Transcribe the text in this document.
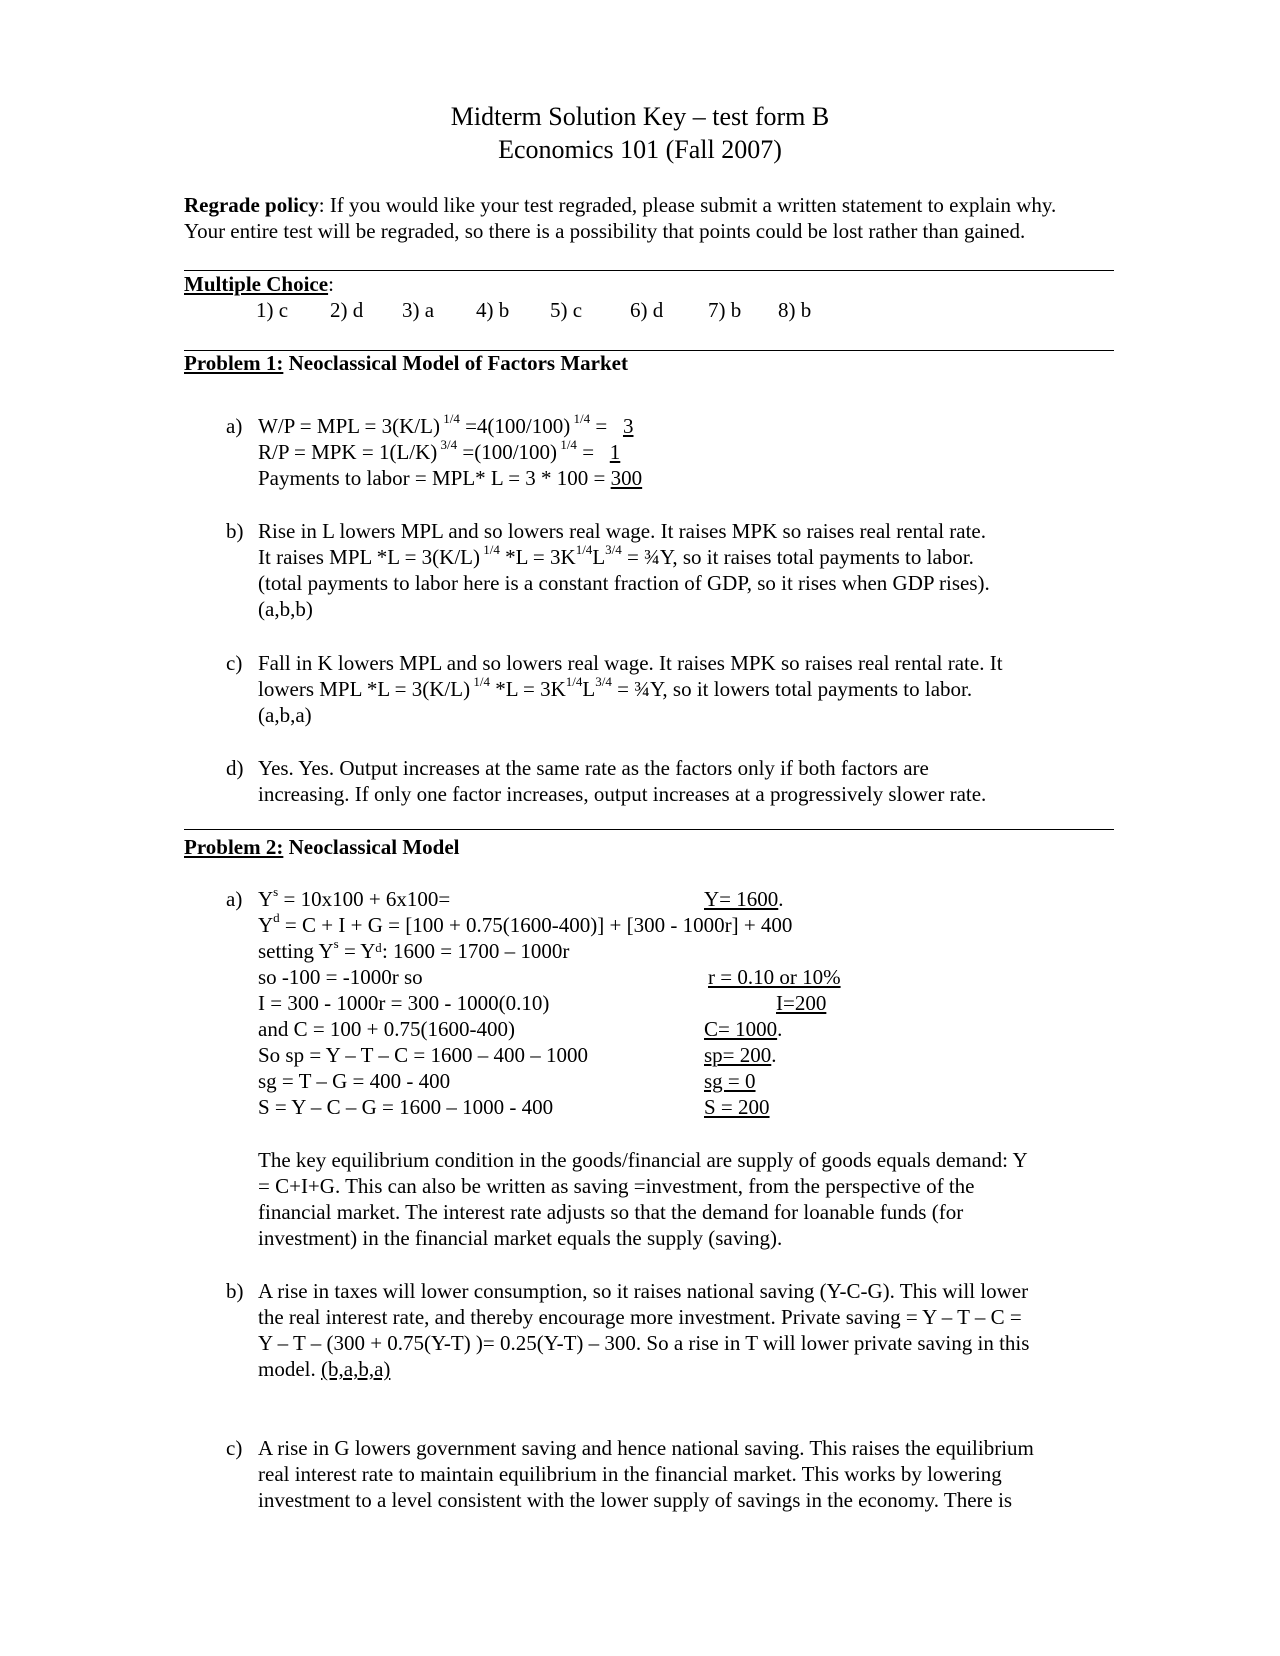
Midterm Solution Key – test form B
Economics 101 (Fall 2007)
Regrade policy: If you would like your test regraded, please submit a written statement to explain why.
Your entire test will be regraded, so there is a possibility that points could be lost rather than gained.
Multiple Choice:
1) c 2) d 3) a 4) b 5) c 6) d 7) b 8) b
Problem 1: Neoclassical Model of Factors Market
a) W/P = MPL = 3(K/L) $^{1/4}$ =4(100/100) $^{1/4}$ =   3
R/P = MPK = 1(L/K) $^{3/4}$ =(100/100) $^{1/4}$ =   1
Payments to labor = MPL* L = 3 * 100 = 300
b) Rise in L lowers MPL and so lowers real wage. It raises MPK so raises real rental rate.
It raises MPL *L = 3(K/L) $^{1/4}$ $*L = 3K^{1/4}L^{3/4}$ = ¾Y, so it raises total payments to labor.
(total payments to labor here is a constant fraction of GDP, so it rises when GDP rises).
(a,b,b)
c) Fall in K lowers MPL and so lowers real wage. It raises MPK so raises real rental rate. It
lowers MPL *L = 3(K/L) $^{1/4}$ $*L = 3K^{1/4}L^{3/4}$ = ¾Y, so it lowers total payments to labor.
(a,b,a)
d) Yes. Yes. Output increases at the same rate as the factors only if both factors are
increasing. If only one factor increases, output increases at a progressively slower rate.
Problem 2: Neoclassical Model
a) $Y^s = 10x100 + 6x100=$	Y= 1600.
$Y^d = C + I + G = [100 + 0.75(1600-400)] + [300 - 1000r] + 400$
setting $Y^s$ = Yᵈ: 1600 = 1700 – 1000r
so -100 = -1000r so	r = 0.10 or 10%
I = 300 - 1000r = 300 - 1000(0.10)	I=200
and C = 100 + 0.75(1600-400)	C= 1000.
So sp = Y – T – C = 1600 – 400 – 1000	sp= 200.
sg = T – G = 400 - 400	sg = 0
S = Y – C – G = 1600 – 1000 - 400	S = 200
The key equilibrium condition in the goods/financial are supply of goods equals demand: Y
= C+I+G. This can also be written as saving =investment, from the perspective of the
financial market. The interest rate adjusts so that the demand for loanable funds (for
investment) in the financial market equals the supply (saving).
b) A rise in taxes will lower consumption, so it raises national saving (Y-C-G). This will lower
the real interest rate, and thereby encourage more investment. Private saving = Y – T – C =
Y – T – (300 + 0.75(Y-T) )= 0.25(Y-T) – 300. So a rise in T will lower private saving in this
model. (b,a,b,a)
c) A rise in G lowers government saving and hence national saving. This raises the equilibrium
real interest rate to maintain equilibrium in the financial market. This works by lowering
investment to a level consistent with the lower supply of savings in the economy. There is
